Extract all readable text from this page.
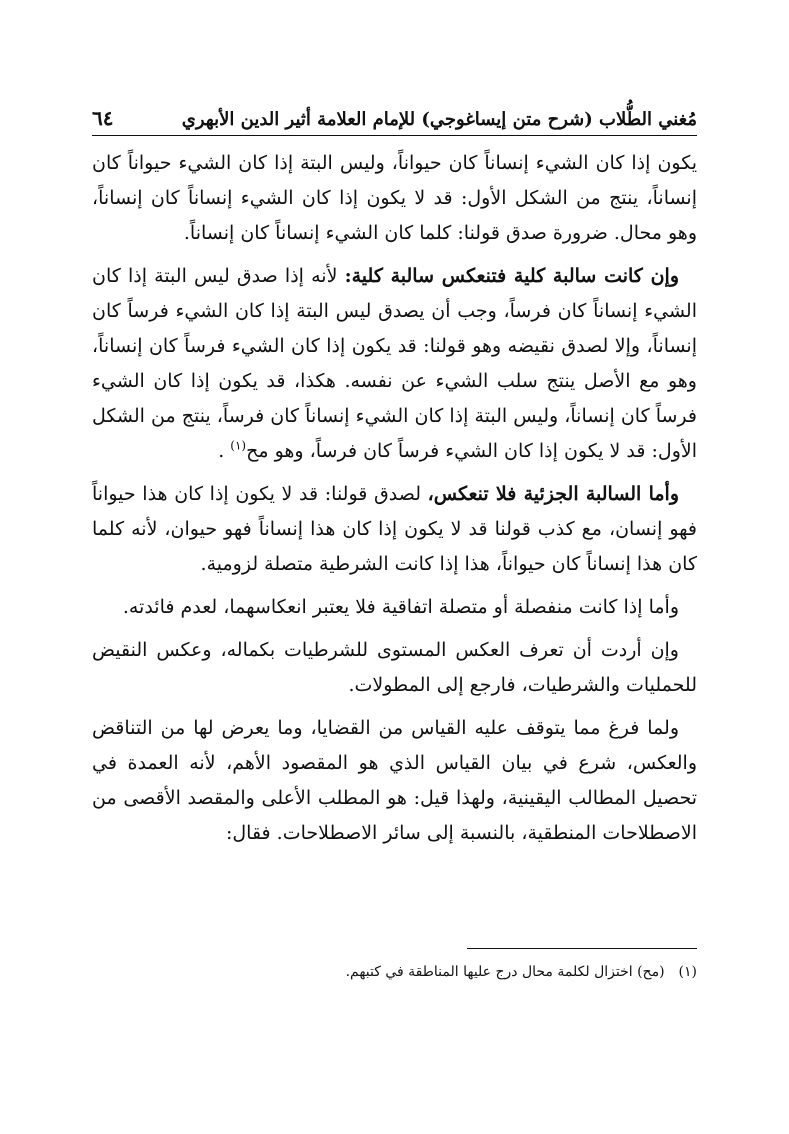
مُغني الطُّلاب (شرح متن إيساغوجي) للإمام العلامة أثير الدين الأبهري
٦٤

يكون إذا كان الشيء إنساناً كان حيواناً، وليس البتة إذا كان الشيء حيواناً كان إنساناً، ينتج من الشكل الأول: قد لا يكون إذا كان الشيء إنساناً كان إنساناً، وهو محال. ضرورة صدق قولنا: كلما كان الشيء إنساناً كان إنساناً.

وإن كانت سالبة كلية فتنعكس سالبة كلية: لأنه إذا صدق ليس البتة إذا كان الشيء إنساناً كان فرساً، وجب أن يصدق ليس البتة إذا كان الشيء فرساً كان إنساناً، وإلا لصدق نقيضه وهو قولنا: قد يكون إذا كان الشيء فرساً كان إنساناً، وهو مع الأصل ينتج سلب الشيء عن نفسه. هكذا، قد يكون إذا كان الشيء فرساً كان إنساناً، وليس البتة إذا كان الشيء إنساناً كان فرساً، ينتج من الشكل الأول: قد لا يكون إذا كان الشيء فرساً كان فرساً، وهو مح$^{(١)}$ .

وأما السالبة الجزئية فلا تنعكس، لصدق قولنا: قد لا يكون إذا كان هذا حيواناً فهو إنسان، مع كذب قولنا قد لا يكون إذا كان هذا إنساناً فهو حيوان، لأنه كلما كان هذا إنساناً كان حيواناً، هذا إذا كانت الشرطية متصلة لزومية.

وأما إذا كانت منفصلة أو متصلة اتفاقية فلا يعتبر انعكاسهما، لعدم فائدته.

وإن أردت أن تعرف العكس المستوى للشرطيات بكماله، وعكس النقيض للحمليات والشرطيات، فارجع إلى المطولات.

ولما فرغ مما يتوقف عليه القياس من القضايا، وما يعرض لها من التناقض والعكس، شرع في بيان القياس الذي هو المقصود الأهم، لأنه العمدة في تحصيل المطالب اليقينية، ولهذا قيل: هو المطلب الأعلى والمقصد الأقصى من الاصطلاحات المنطقية، بالنسبة إلى سائر الاصطلاحات. فقال:

(١)(مح) اختزال لكلمة محال درج عليها المناطقة في كتبهم.
